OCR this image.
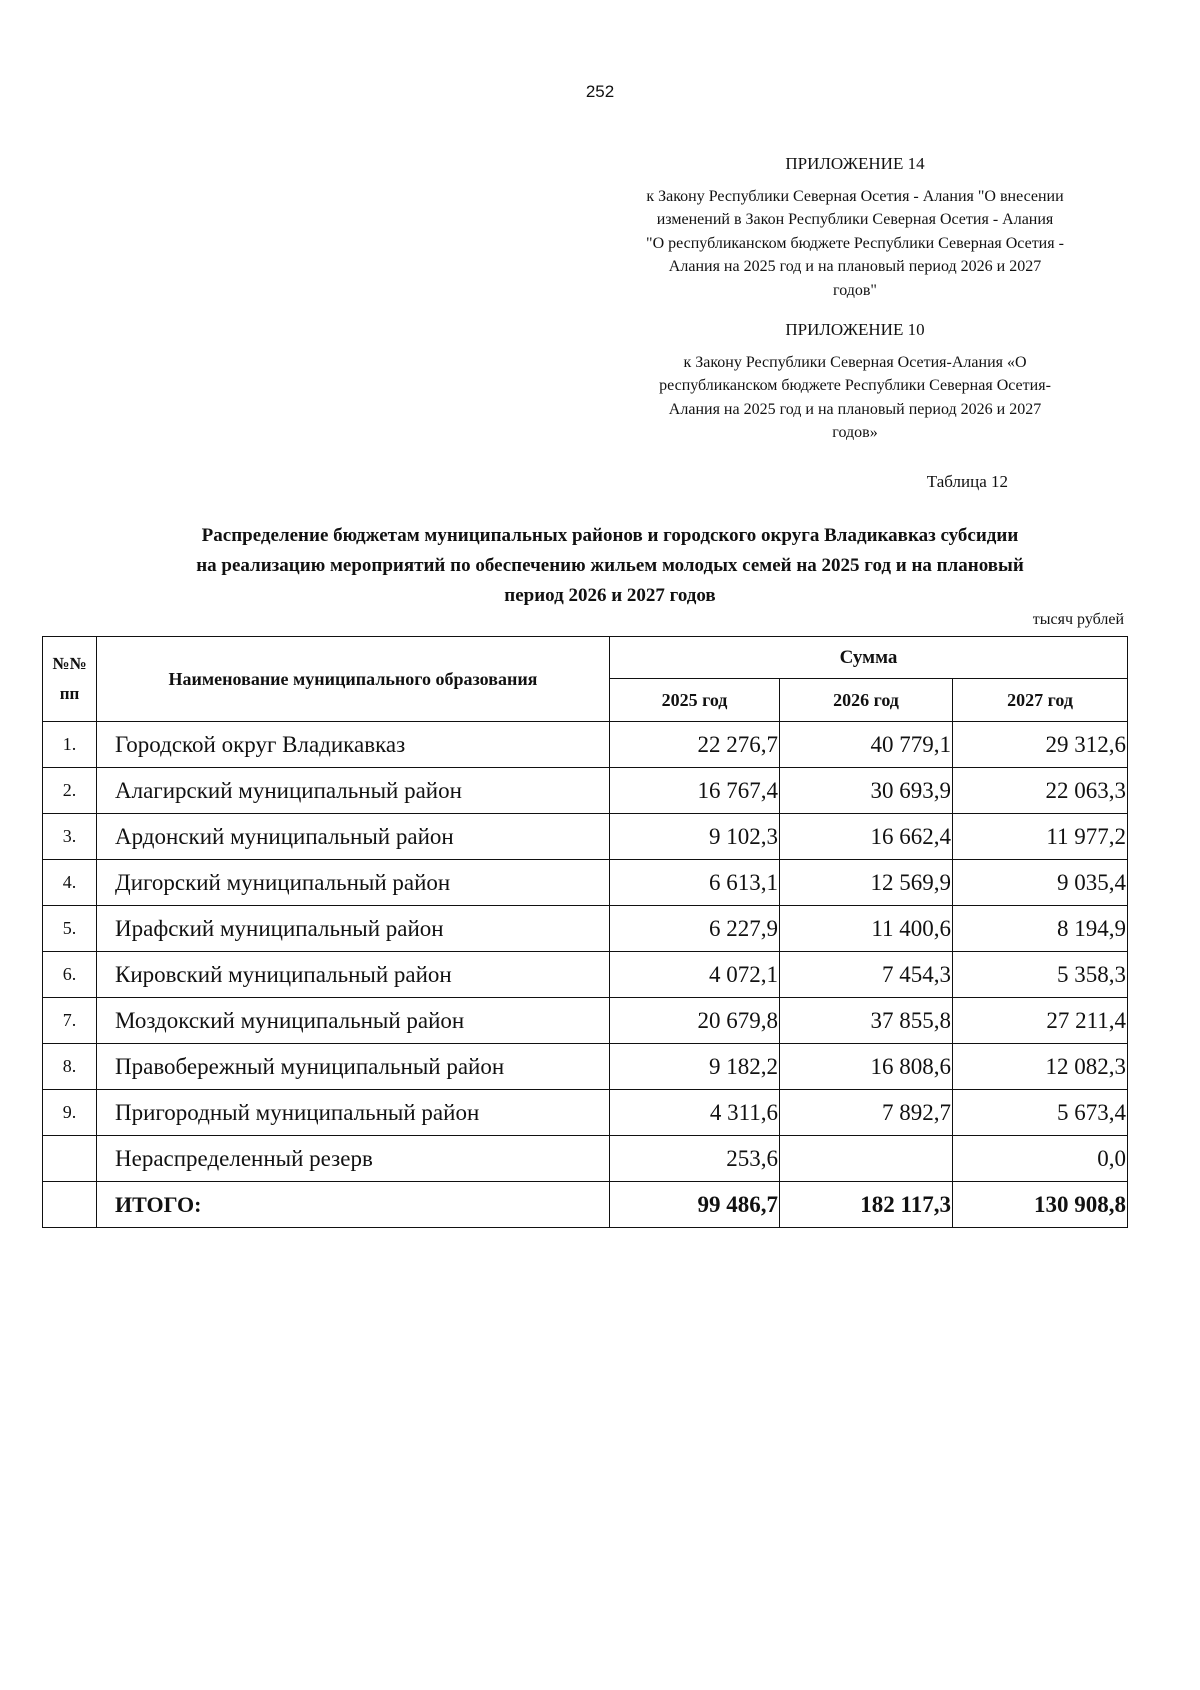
252
ПРИЛОЖЕНИЕ 14
к Закону Республики Северная Осетия - Алания "О внесении
изменений в Закон Республики Северная Осетия - Алания
"О республиканском бюджете Республики Северная Осетия -
Алания на 2025 год и на плановый период 2026 и 2027
годов"
ПРИЛОЖЕНИЕ 10
к Закону Республики Северная Осетия-Алания «О
республиканском бюджете Республики Северная Осетия-
Алания на 2025 год и на плановый период 2026 и 2027
годов»
Таблица 12
Распределение бюджетам муниципальных районов и городского округа Владикавказ субсидии
на реализацию мероприятий по обеспечению жильем молодых семей на 2025 год и на плановый
период 2026 и 2027 годов
тысяч рублей
№№
пп	Наименование муниципального образования	Сумма		
		2025 год	2026 год	2027 год
1.	Городской округ Владикавказ	22 276,7	40 779,1	29 312,6
2.	Алагирский муниципальный район	16 767,4	30 693,9	22 063,3
3.	Ардонский муниципальный район	9 102,3	16 662,4	11 977,2
4.	Дигорский муниципальный район	6 613,1	12 569,9	9 035,4
5.	Ирафский муниципальный район	6 227,9	11 400,6	8 194,9
6.	Кировский муниципальный район	4 072,1	7 454,3	5 358,3
7.	Моздокский муниципальный район	20 679,8	37 855,8	27 211,4
8.	Правобережный муниципальный район	9 182,2	16 808,6	12 082,3
9.	Пригородный муниципальный район	4 311,6	7 892,7	5 673,4
	Нераспределенный резерв	253,6		0,0
	ИТОГО:	99 486,7	182 117,3	130 908,8
